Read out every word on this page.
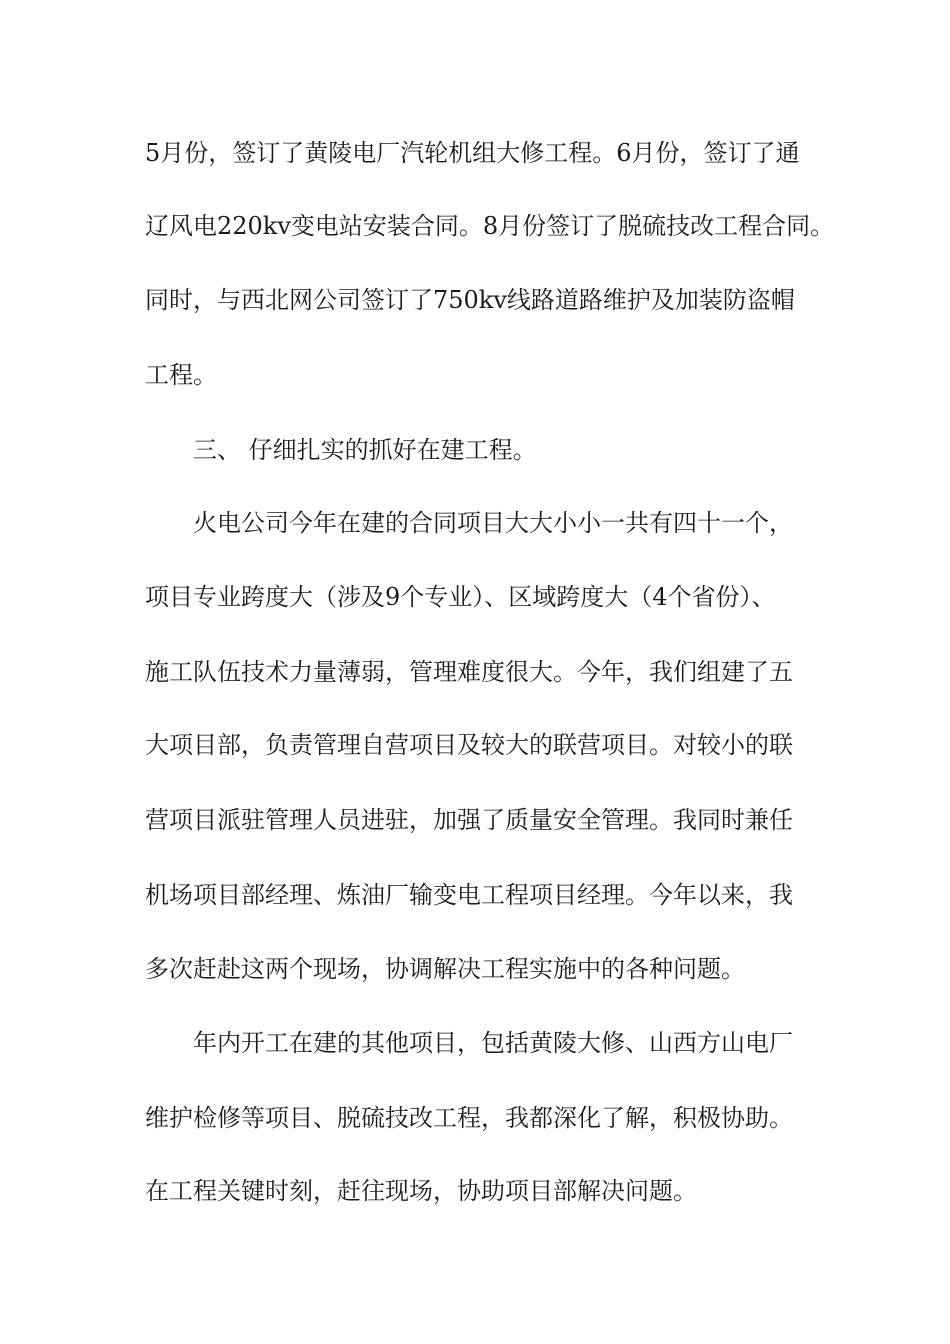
5月份，签订了黄陵电厂汽轮机组大修工程。6月份，签订了通
辽风电220kv变电站安装合同。8月份签订了脱硫技改工程合同。
同时，与西北网公司签订了750kv线路道路维护及加装防盗帽
工程。
三、 仔细扎实的抓好在建工程。
火电公司今年在建的合同项目大大小小一共有四十一个，
项目专业跨度大（涉及9个专业）、区域跨度大（4个省份）、
施工队伍技术力量薄弱，管理难度很大。今年，我们组建了五
大项目部，负责管理自营项目及较大的联营项目。对较小的联
营项目派驻管理人员进驻，加强了质量安全管理。我同时兼任
机场项目部经理、炼油厂输变电工程项目经理。今年以来，我
多次赶赴这两个现场，协调解决工程实施中的各种问题。
年内开工在建的其他项目，包括黄陵大修、山西方山电厂
维护检修等项目、脱硫技改工程，我都深化了解，积极协助。
在工程关键时刻，赶往现场，协助项目部解决问题。
